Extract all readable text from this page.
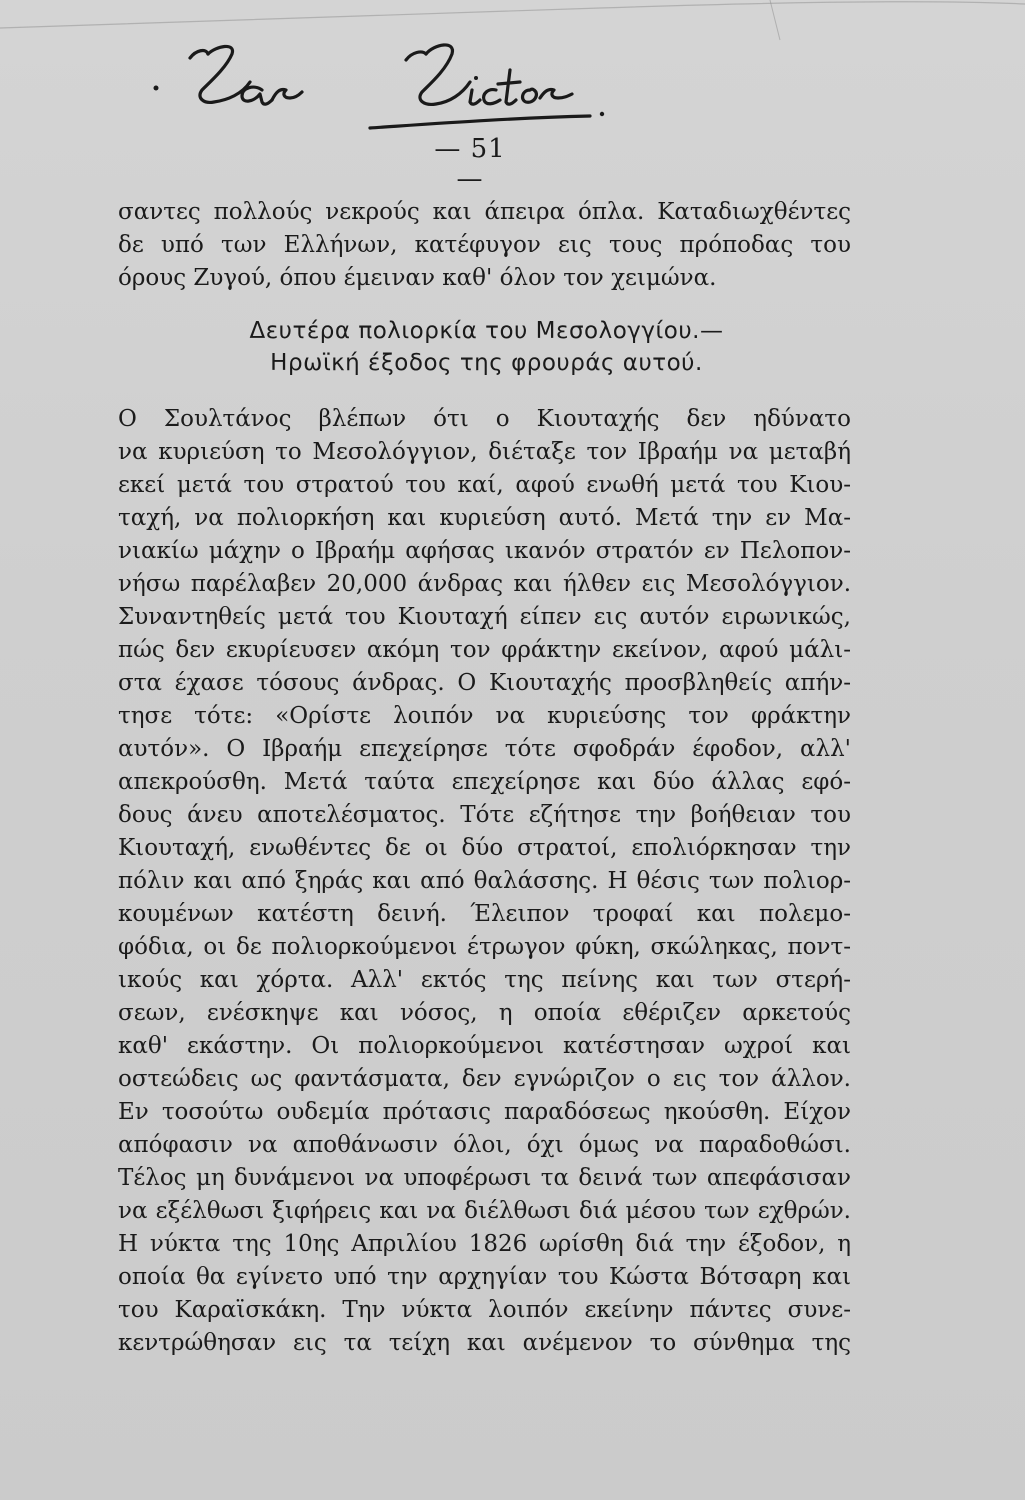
— 51 —
σαντες πολλούς νεκρούς και άπειρα όπλα. Καταδιωχθέντες
δε υπό των Ελλήνων, κατέφυγον εις τους πρόποδας του
όρους Ζυγού, όπου έμειναν καθ' όλον τον χειμώνα.
Δευτέρα πολιορκία του Μεσολογγίου.—
Ηρωϊκή έξοδος της φρουράς αυτού.
Ο Σουλτάνος βλέπων ότι ο Κιουταχής δεν ηδύνατο
να κυριεύση το Μεσολόγγιον, διέταξε τον Ιβραήμ να μεταβή
εκεί μετά του στρατού του καί, αφού ενωθή μετά του Κιου-
ταχή, να πολιορκήση και κυριεύση αυτό. Μετά την εν Μα-
νιακίω μάχην ο Ιβραήμ αφήσας ικανόν στρατόν εν Πελοπον-
νήσω παρέλαβεν 20,000 άνδρας και ήλθεν εις Μεσολόγγιον.
Συναντηθείς μετά του Κιουταχή είπεν εις αυτόν ειρωνικώς,
πώς δεν εκυρίευσεν ακόμη τον φράκτην εκείνον, αφού μάλι-
στα έχασε τόσους άνδρας. Ο Κιουταχής προσβληθείς απήν-
τησε τότε: «Ορίστε λοιπόν να κυριεύσης τον φράκτην
αυτόν». Ο Ιβραήμ επεχείρησε τότε σφοδράν έφοδον, αλλ'
απεκρούσθη. Μετά ταύτα επεχείρησε και δύο άλλας εφό-
δους άνευ αποτελέσματος. Τότε εζήτησε την βοήθειαν του
Κιουταχή, ενωθέντες δε οι δύο στρατοί, επολιόρκησαν την
πόλιν και από ξηράς και από θαλάσσης. Η θέσις των πολιορ-
κουμένων κατέστη δεινή. Έλειπον τροφαί και πολεμο-
φόδια, οι δε πολιορκούμενοι έτρωγον φύκη, σκώληκας, ποντ-
ικούς και χόρτα. Αλλ' εκτός της πείνης και των στερή-
σεων, ενέσκηψε και νόσος, η οποία εθέριζεν αρκετούς
καθ' εκάστην. Οι πολιορκούμενοι κατέστησαν ωχροί και
οστεώδεις ως φαντάσματα, δεν εγνώριζον ο εις τον άλλον.
Εν τοσούτω ουδεμία πρότασις παραδόσεως ηκούσθη. Είχον
απόφασιν να αποθάνωσιν όλοι, όχι όμως να παραδοθώσι.
Τέλος μη δυνάμενοι να υποφέρωσι τα δεινά των απεφάσισαν
να εξέλθωσι ξιφήρεις και να διέλθωσι διά μέσου των εχθρών.
Η νύκτα της 10ης Απριλίου 1826 ωρίσθη διά την έξοδον, η
οποία θα εγίνετο υπό την αρχηγίαν του Κώστα Βότσαρη και
του Καραϊσκάκη. Την νύκτα λοιπόν εκείνην πάντες συνε-
κεντρώθησαν εις τα τείχη και ανέμενον το σύνθημα της
